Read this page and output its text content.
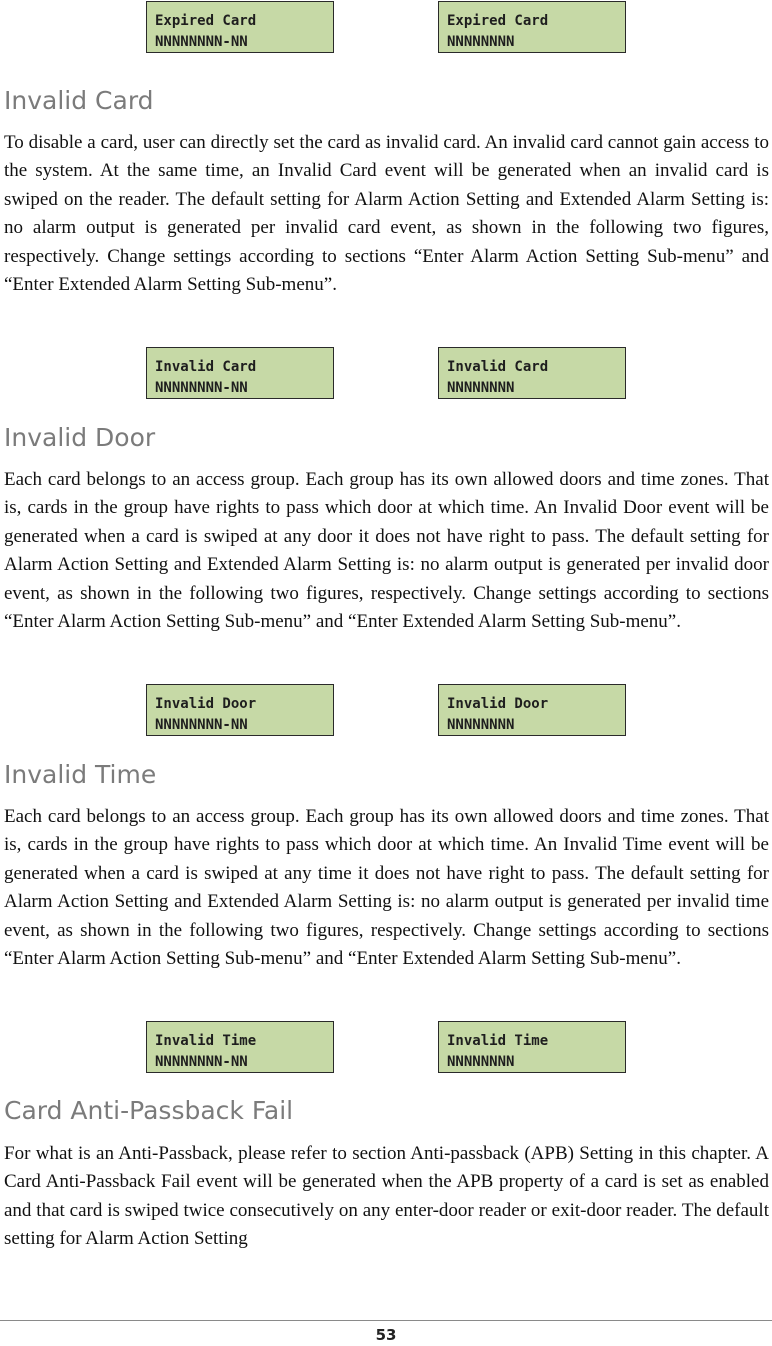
Expired Card
NNNNNNNN-NN
Expired Card
NNNNNNNN
Invalid Card

To disable a card, user can directly set the card as invalid card. An invalid card cannot gain access to the system. At the same time, an Invalid Card event will be generated when an invalid card is swiped on the reader. The default setting for Alarm Action Setting and Extended Alarm Setting is: no alarm output is generated per invalid card event, as shown in the following two figures, respectively. Change settings according to sections “Enter Alarm Action Setting Sub-menu” and “Enter Extended Alarm Setting Sub-menu”.

Invalid Card
NNNNNNNN-NN
Invalid Card
NNNNNNNN
Invalid Door

Each card belongs to an access group. Each group has its own allowed doors and time zones. That is, cards in the group have rights to pass which door at which time. An Invalid Door event will be generated when a card is swiped at any door it does not have right to pass. The default setting for Alarm Action Setting and Extended Alarm Setting is: no alarm output is generated per invalid door event, as shown in the following two figures, respectively. Change settings according to sections “Enter Alarm Action Setting Sub-menu” and “Enter Extended Alarm Setting Sub-menu”.

Invalid Door
NNNNNNNN-NN
Invalid Door
NNNNNNNN
Invalid Time

Each card belongs to an access group. Each group has its own allowed doors and time zones. That is, cards in the group have rights to pass which door at which time. An Invalid Time event will be generated when a card is swiped at any time it does not have right to pass. The default setting for Alarm Action Setting and Extended Alarm Setting is: no alarm output is generated per invalid time event, as shown in the following two figures, respectively. Change settings according to sections “Enter Alarm Action Setting Sub-menu” and “Enter Extended Alarm Setting Sub-menu”.

Invalid Time
NNNNNNNN-NN
Invalid Time
NNNNNNNN
Card Anti-Passback Fail

For what is an Anti-Passback, please refer to section Anti-passback (APB) Setting in this chapter. A Card Anti-Passback Fail event will be generated when the APB property of a card is set as enabled and that card is swiped twice consecutively on any enter-door reader or exit-door reader. The default setting for Alarm Action Setting

53
